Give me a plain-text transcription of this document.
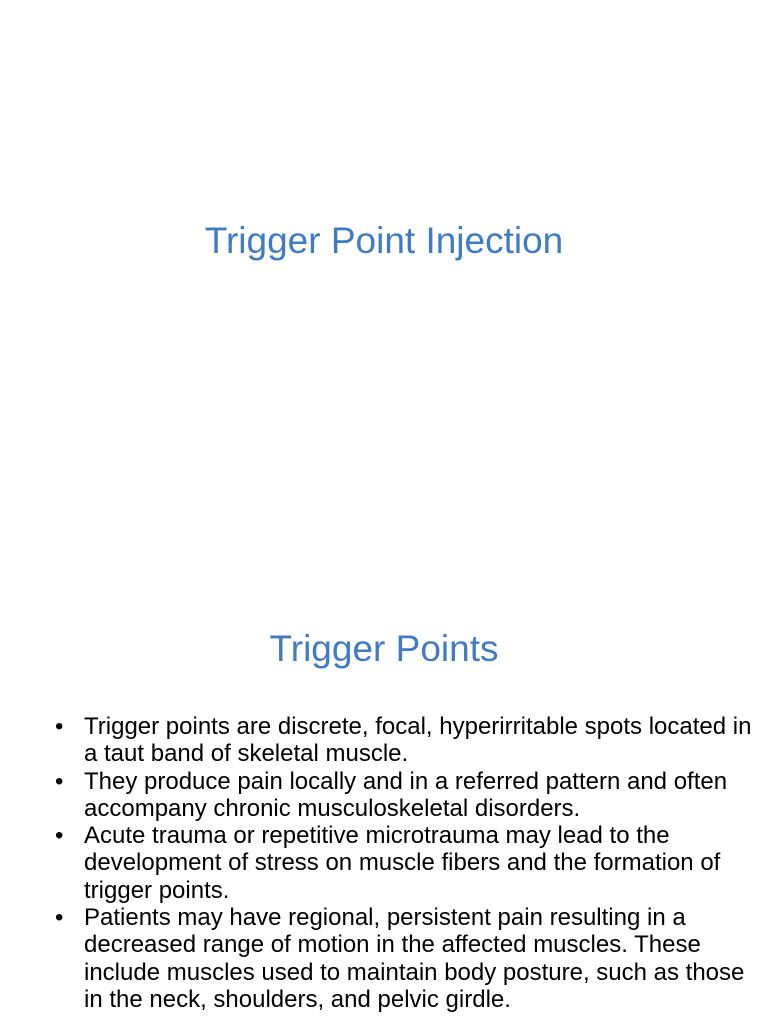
Trigger Point Injection
Trigger Points
• Trigger points are discrete, focal, hyperirritable spots located in a taut band of skeletal muscle.
• They produce pain locally and in a referred pattern and often accompany chronic musculoskeletal disorders.
• Acute trauma or repetitive microtrauma may lead to the development of stress on muscle fibers and the formation of trigger points.
• Patients may have regional, persistent pain resulting in a decreased range of motion in the affected muscles. These include muscles used to maintain body posture, such as those in the neck, shoulders, and pelvic girdle.
